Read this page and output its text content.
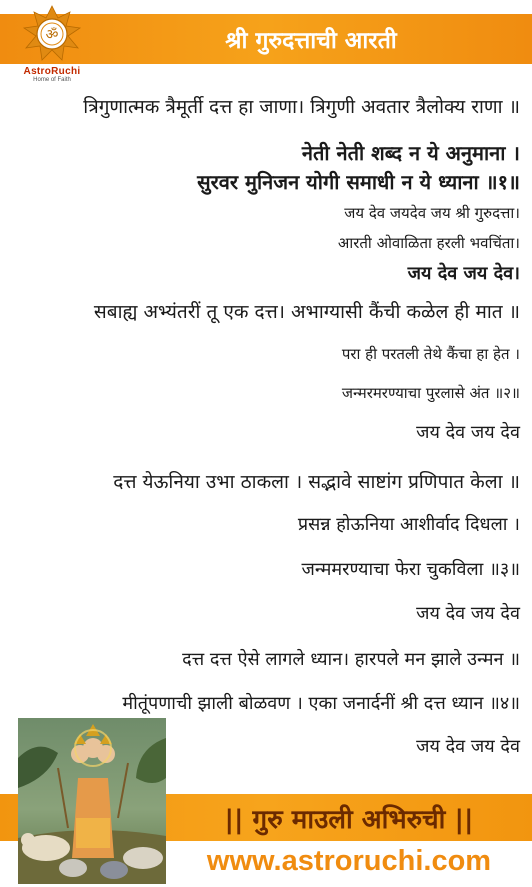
श्री गुरुदत्ताची आरती
ॐ
AstroRuchi
Home of Faith
त्रिगुणात्मक त्रैमूर्ती दत्त हा जाणा। त्रिगुणी अवतार त्रैलोक्य राणा ॥
नेती नेती शब्द न ये अनुमाना ।
सुरवर मुनिजन योगी समाधी न ये ध्याना ॥१॥
जय देव जयदेव जय श्री गुरुदत्ता।
आरती ओवाळिता हरली भवचिंता।
जय देव जय देव।
सबाह्य अभ्यंतरीं तू एक दत्त। अभाग्यासी कैंची कळेल ही मात ॥
परा ही परतली तेथे कैंचा हा हेत ।
जन्मरमरण्याचा पुरलासे अंत ॥२॥
जय देव जय देव
दत्त येऊनिया उभा ठाकला । सद्भावे साष्टांग प्रणिपात केला ॥
प्रसन्न होऊनिया आशीर्वाद दिधला ।
जन्ममरण्याचा फेरा चुकविला ॥३॥
जय देव जय देव
दत्त दत्त ऐसे लागले ध्यान। हारपले मन झाले उन्मन ॥
मीतूंपणाची झाली बोळवण । एका जनार्दनीं श्री दत्त ध्यान ॥४॥
जय देव जय देव
|| गुरु माउली अभिरुची ||
www.astroruchi.com
